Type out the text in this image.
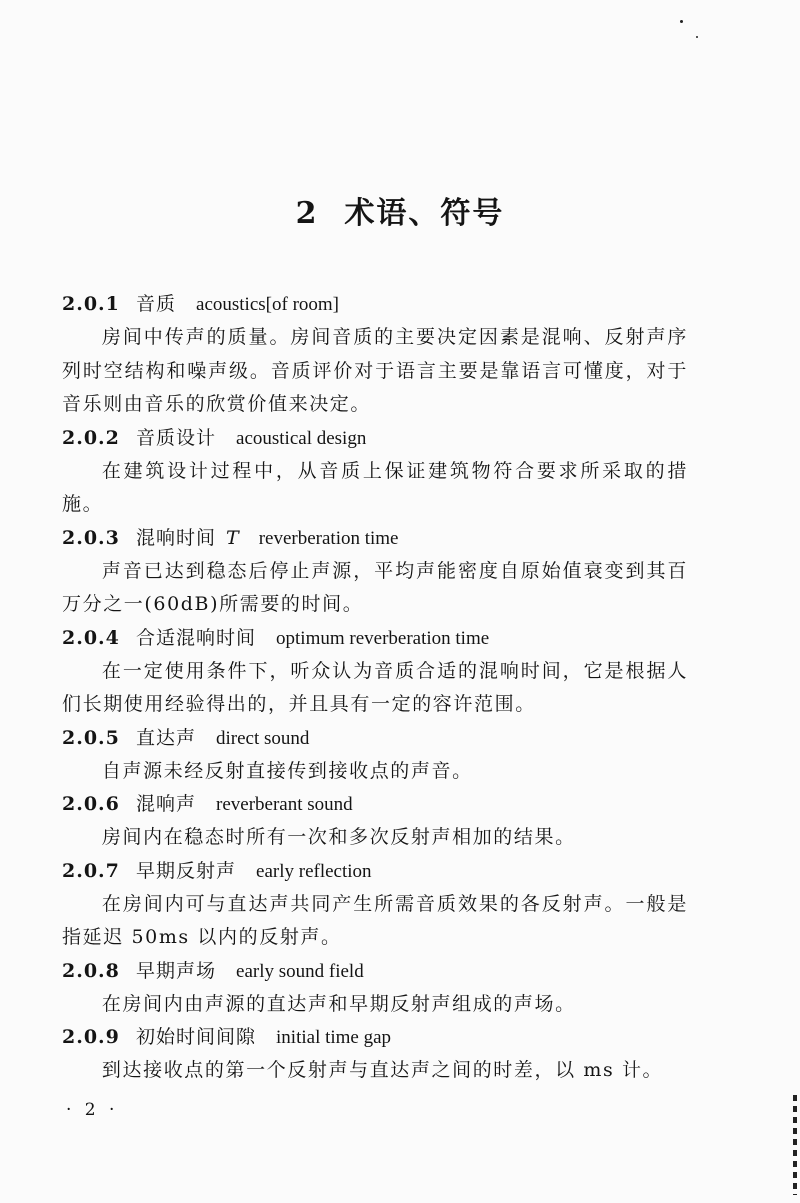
2 术语、符号
2.0.1 音质 acoustics[of room]

房间中传声的质量。房间音质的主要决定因素是混响、反射声序列时空结构和噪声级。音质评价对于语言主要是靠语言可懂度，对于音乐则由音乐的欣赏价值来决定。

2.0.2 音质设计 acoustical design

在建筑设计过程中，从音质上保证建筑物符合要求所采取的措施。

2.0.3 混响时间 T reverberation time

声音已达到稳态后停止声源，平均声能密度自原始值衰变到其百万分之一(60dB)所需要的时间。

2.0.4 合适混响时间 optimum reverberation time

在一定使用条件下，听众认为音质合适的混响时间，它是根据人们长期使用经验得出的，并且具有一定的容许范围。

2.0.5 直达声 direct sound

自声源未经反射直接传到接收点的声音。

2.0.6 混响声 reverberant sound

房间内在稳态时所有一次和多次反射声相加的结果。

2.0.7 早期反射声 early reflection

在房间内可与直达声共同产生所需音质效果的各反射声。一般是指延迟 50ms 以内的反射声。

2.0.8 早期声场 early sound field

在房间内由声源的直达声和早期反射声组成的声场。

2.0.9 初始时间间隙 initial time gap

到达接收点的第一个反射声与直达声之间的时差，以 ms 计。

· 2 ·
